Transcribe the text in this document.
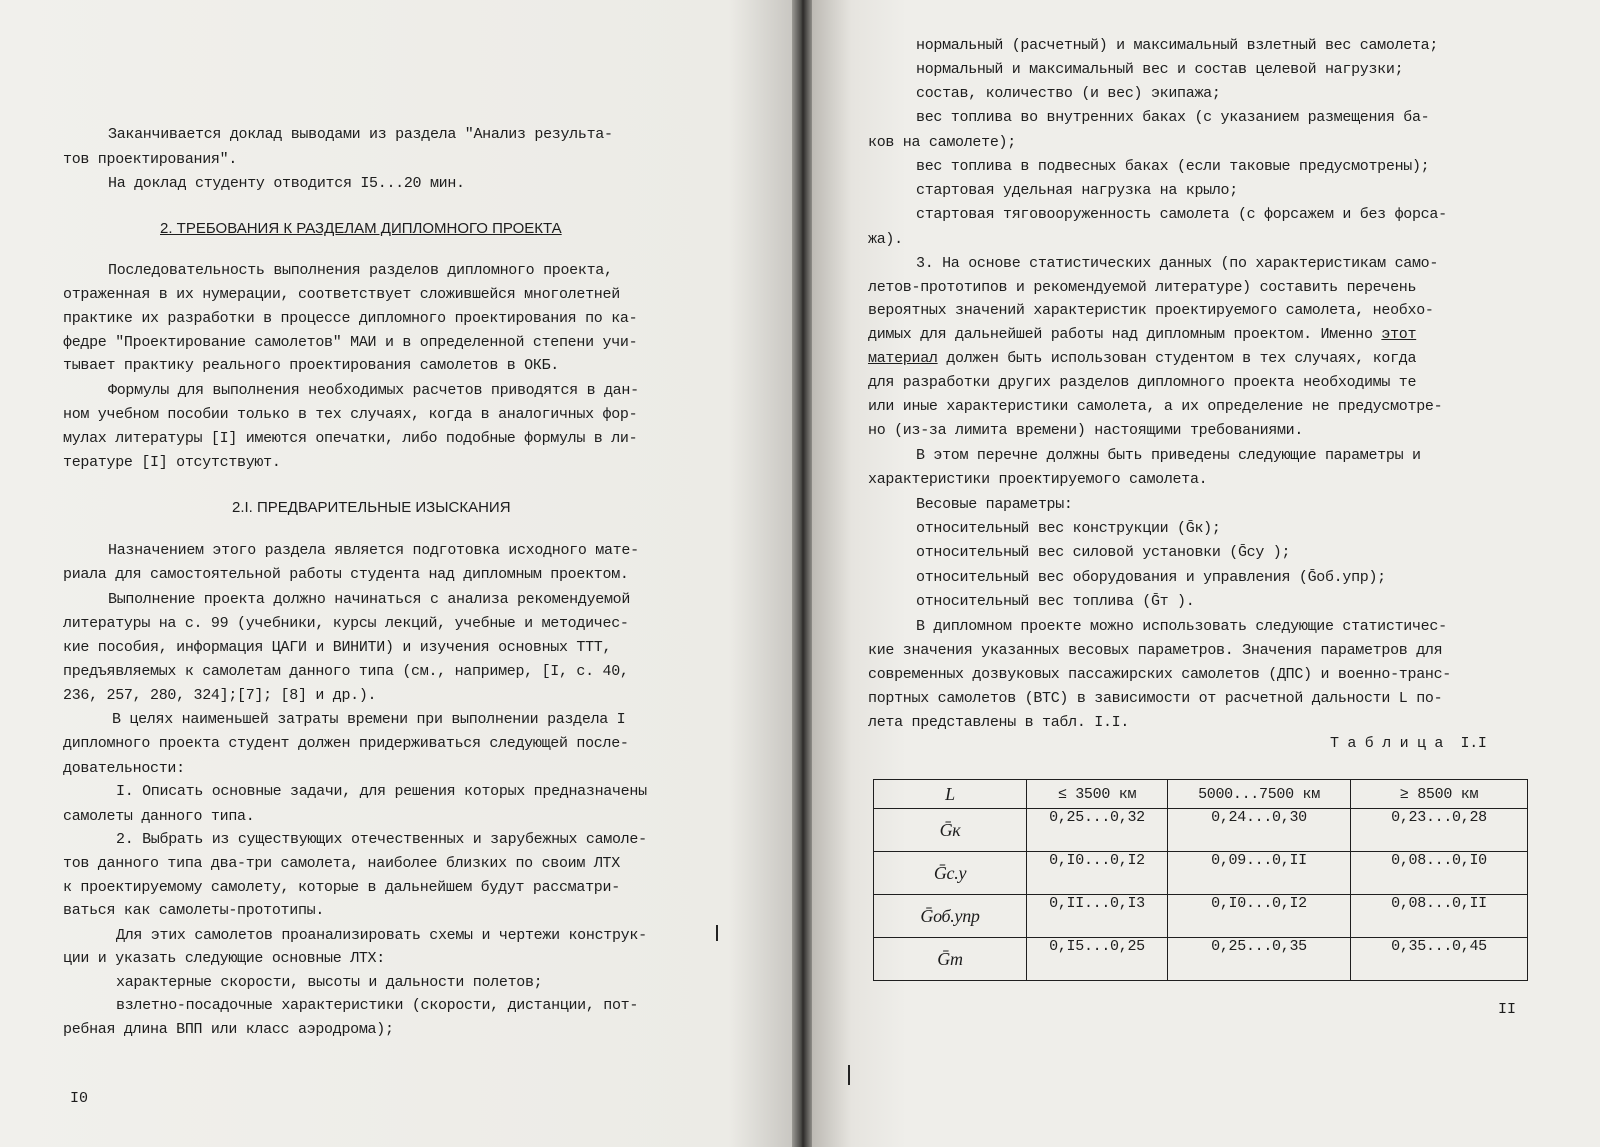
Заканчивается доклад выводами из раздела "Анализ результа-
тов проектирования".
На доклад студенту отводится I5...20 мин.
2. ТРЕБОВАНИЯ К РАЗДЕЛАМ ДИПЛОМНОГО ПРОЕКТА
Последовательность выполнения разделов дипломного проекта,
отраженная в их нумерации, соответствует сложившейся многолетней
практике их разработки в процессе дипломного проектирования по ка-
федре "Проектирование самолетов" МАИ и в определенной степени учи-
тывает практику реального проектирования самолетов в ОКБ.
Формулы для выполнения необходимых расчетов приводятся в дан-
ном учебном пособии только в тех случаях, когда в аналогичных фор-
мулах литературы [I] имеются опечатки, либо подобные формулы в ли-
тературе [I] отсутствуют.
2.I. ПРЕДВАРИТЕЛЬНЫЕ ИЗЫСКАНИЯ
Назначением этого раздела является подготовка исходного мате-
риала для самостоятельной работы студента над дипломным проектом.
Выполнение проекта должно начинаться с анализа рекомендуемой
литературы на с. 99 (учебники, курсы лекций, учебные и методичес-
кие пособия, информация ЦАГИ и ВИНИТИ) и изучения основных ТТТ,
предъявляемых к самолетам данного типа (см., например, [I, с. 40,
236, 257, 280, 324];[7]; [8] и др.).
В целях наименьшей затраты времени при выполнении раздела I
дипломного проекта студент должен придерживаться следующей после-
довательности:
I. Описать основные задачи, для решения которых предназначены
самолеты данного типа.
2. Выбрать из существующих отечественных и зарубежных самоле-
тов данного типа два-три самолета, наиболее близких по своим ЛТХ
к проектируемому самолету, которые в дальнейшем будут рассматри-
ваться как самолеты-прототипы.
Для этих самолетов проанализировать схемы и чертежи конструк-
ции и указать следующие основные ЛТХ:
характерные скорости, высоты и дальности полетов;
взлетно-посадочные характеристики (скорости, дистанции, пот-
ребная длина ВПП или класс аэродрома);
I0
нормальный (расчетный) и максимальный взлетный вес самолета;
нормальный и максимальный вес и состав целевой нагрузки;
состав, количество (и вес) экипажа;
вес топлива во внутренних баках (с указанием размещения ба-
ков на самолете);
вес топлива в подвесных баках (если таковые предусмотрены);
стартовая удельная нагрузка на крыло;
стартовая тяговооруженность самолета (с форсажем и без форса-
жа).
3. На основе статистических данных (по характеристикам само-
летов-прототипов и рекомендуемой литературе) составить перечень
вероятных значений характеристик проектируемого самолета, необхо-
димых для дальнейшей работы над дипломным проектом. Именно этот
материал должен быть использован студентом в тех случаях, когда
для разработки других разделов дипломного проекта необходимы те
или иные характеристики самолета, а их определение не предусмотре-
но (из-за лимита времени) настоящими требованиями.
В этом перечне должны быть приведены следующие параметры и
характеристики проектируемого самолета.
Весовые параметры:
относительный вес конструкции (Ḡк);
относительный вес силовой установки (Ḡсу );
относительный вес оборудования и управления (Ḡоб.упр);
относительный вес топлива (Ḡт ).
В дипломном проекте можно использовать следующие статистичес-
кие значения указанных весовых параметров. Значения параметров для
современных дозвуковых пассажирских самолетов (ДПС) и военно-транс-
портных самолетов (ВТС) в зависимости от расчетной дальности L по-
лета представлены в табл. I.I.
Т а б л и ц а  I.I
L	≤ 3500 км	5000...7500 км	≥ 8500 км
Ḡк	0,25...0,32	0,24...0,30	0,23...0,28
Ḡс.у	0,I0...0,I2	0,09...0,II	0,08...0,I0
Ḡоб.упр	0,II...0,I3	0,I0...0,I2	0,08...0,II
Ḡт	0,I5...0,25	0,25...0,35	0,35...0,45
II
